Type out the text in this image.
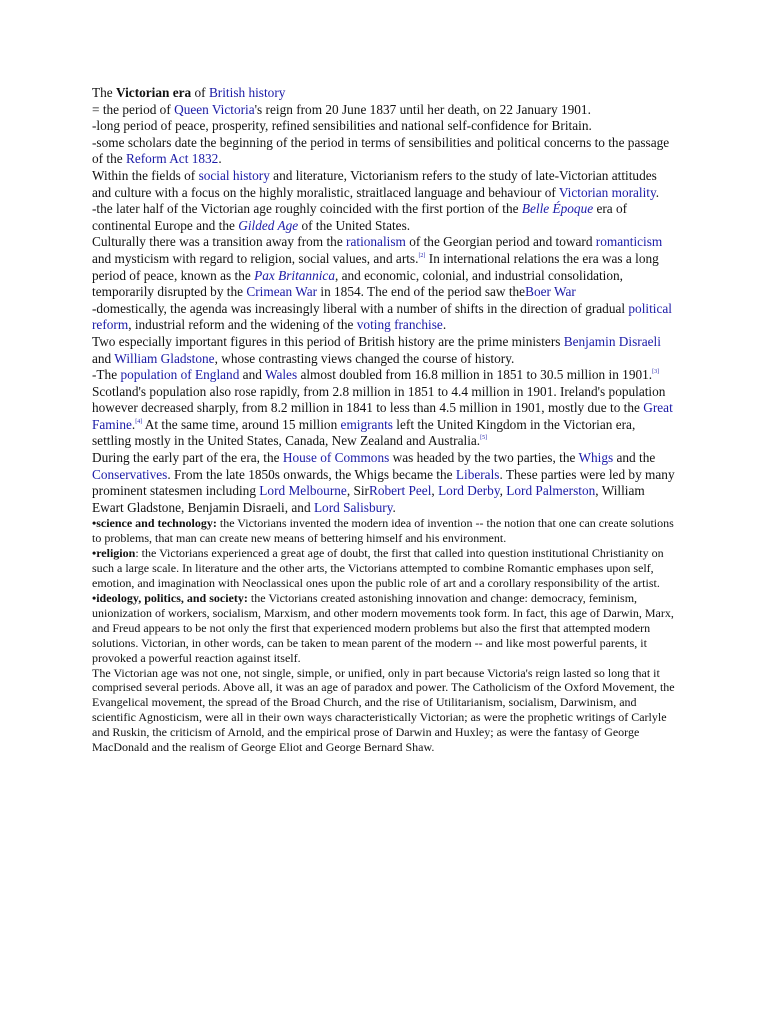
The Victorian era of British history

= the period of Queen Victoria's reign from 20 June 1837 until her death, on 22 January 1901.

-long period of peace, prosperity, refined sensibilities and national self-confidence for Britain.

-some scholars date the beginning of the period in terms of sensibilities and political concerns to the passage of the Reform Act 1832.

Within the fields of social history and literature, Victorianism refers to the study of late-Victorian attitudes and culture with a focus on the highly moralistic, straitlaced language and behaviour of Victorian morality.

-the later half of the Victorian age roughly coincided with the first portion of the Belle Époque era of continental Europe and the Gilded Age of the United States.

Culturally there was a transition away from the rationalism of the Georgian period and toward romanticism and mysticism with regard to religion, social values, and arts.[2] In international relations the era was a long period of peace, known as the Pax Britannica, and economic, colonial, and industrial consolidation, temporarily disrupted by the Crimean War in 1854. The end of the period saw theBoer War

-domestically, the agenda was increasingly liberal with a number of shifts in the direction of gradual political reform, industrial reform and the widening of the voting franchise.

Two especially important figures in this period of British history are the prime ministers Benjamin Disraeli and William Gladstone, whose contrasting views changed the course of history.

-The population of England and Wales almost doubled from 16.8 million in 1851 to 30.5 million in 1901.[3] Scotland's population also rose rapidly, from 2.8 million in 1851 to 4.4 million in 1901. Ireland's population however decreased sharply, from 8.2 million in 1841 to less than 4.5 million in 1901, mostly due to the Great Famine.[4] At the same time, around 15 million emigrants left the United Kingdom in the Victorian era, settling mostly in the United States, Canada, New Zealand and Australia.[5]

During the early part of the era, the House of Commons was headed by the two parties, the Whigs and the Conservatives. From the late 1850s onwards, the Whigs became the Liberals. These parties were led by many prominent statesmen including Lord Melbourne, SirRobert Peel, Lord Derby, Lord Palmerston, William Ewart Gladstone, Benjamin Disraeli, and Lord Salisbury.

•science and technology: the Victorians invented the modern idea of invention -- the notion that one can create solutions to problems, that man can create new means of bettering himself and his environment.

•religion: the Victorians experienced a great age of doubt, the first that called into question institutional Christianity on such a large scale. In literature and the other arts, the Victorians attempted to combine Romantic emphases upon self, emotion, and imagination with Neoclassical ones upon the public role of art and a corollary responsibility of the artist.

•ideology, politics, and society: the Victorians created astonishing innovation and change: democracy, feminism, unionization of workers, socialism, Marxism, and other modern movements took form. In fact, this age of Darwin, Marx, and Freud appears to be not only the first that experienced modern problems but also the first that attempted modern solutions. Victorian, in other words, can be taken to mean parent of the modern -- and like most powerful parents, it provoked a powerful reaction against itself.

The Victorian age was not one, not single, simple, or unified, only in part because Victoria's reign lasted so long that it comprised several periods. Above all, it was an age of paradox and power. The Catholicism of the Oxford Movement, the Evangelical movement, the spread of the Broad Church, and the rise of Utilitarianism, socialism, Darwinism, and scientific Agnosticism, were all in their own ways characteristically Victorian; as were the prophetic writings of Carlyle and Ruskin, the criticism of Arnold, and the empirical prose of Darwin and Huxley; as were the fantasy of George MacDonald and the realism of George Eliot and George Bernard Shaw.
